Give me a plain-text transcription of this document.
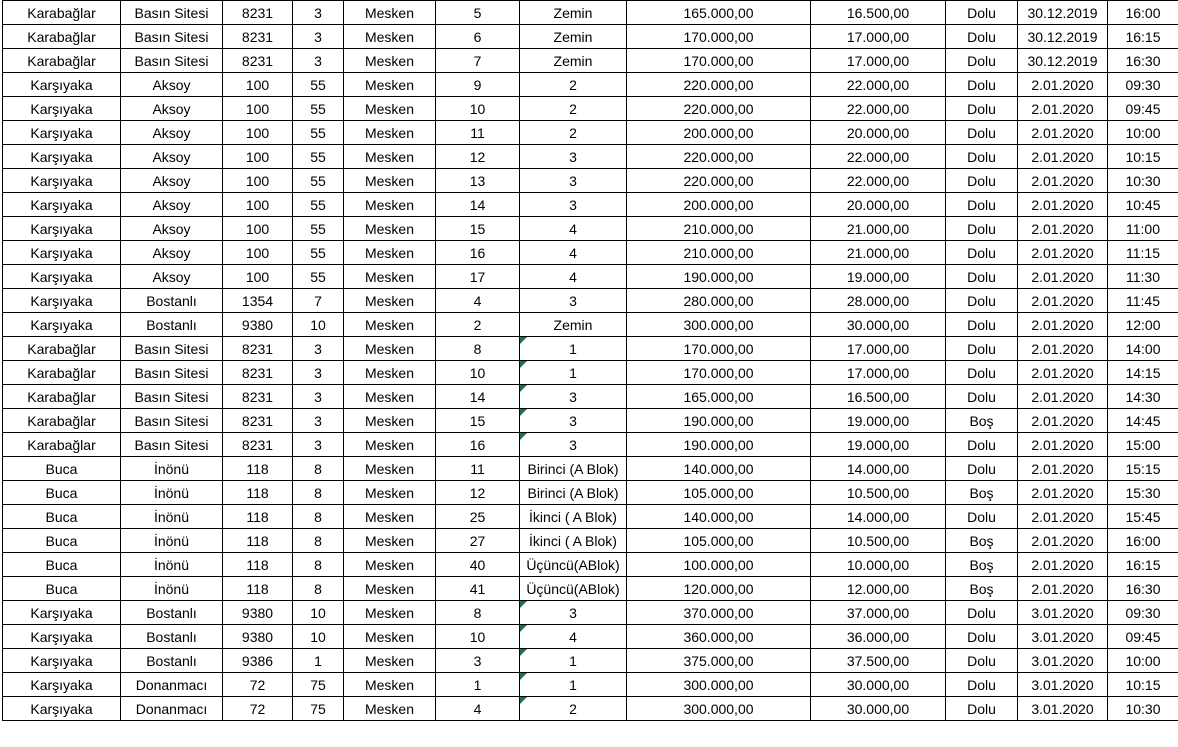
Karabağlar	Basın Sitesi	8231	3	Mesken	5	Zemin	165.000,00	16.500,00	Dolu	30.12.2019	16:00
Karabağlar	Basın Sitesi	8231	3	Mesken	6	Zemin	170.000,00	17.000,00	Dolu	30.12.2019	16:15
Karabağlar	Basın Sitesi	8231	3	Mesken	7	Zemin	170.000,00	17.000,00	Dolu	30.12.2019	16:30
Karşıyaka	Aksoy	100	55	Mesken	9	2	220.000,00	22.000,00	Dolu	2.01.2020	09:30
Karşıyaka	Aksoy	100	55	Mesken	10	2	220.000,00	22.000,00	Dolu	2.01.2020	09:45
Karşıyaka	Aksoy	100	55	Mesken	11	2	200.000,00	20.000,00	Dolu	2.01.2020	10:00
Karşıyaka	Aksoy	100	55	Mesken	12	3	220.000,00	22.000,00	Dolu	2.01.2020	10:15
Karşıyaka	Aksoy	100	55	Mesken	13	3	220.000,00	22.000,00	Dolu	2.01.2020	10:30
Karşıyaka	Aksoy	100	55	Mesken	14	3	200.000,00	20.000,00	Dolu	2.01.2020	10:45
Karşıyaka	Aksoy	100	55	Mesken	15	4	210.000,00	21.000,00	Dolu	2.01.2020	11:00
Karşıyaka	Aksoy	100	55	Mesken	16	4	210.000,00	21.000,00	Dolu	2.01.2020	11:15
Karşıyaka	Aksoy	100	55	Mesken	17	4	190.000,00	19.000,00	Dolu	2.01.2020	11:30
Karşıyaka	Bostanlı	1354	7	Mesken	4	3	280.000,00	28.000,00	Dolu	2.01.2020	11:45
Karşıyaka	Bostanlı	9380	10	Mesken	2	Zemin	300.000,00	30.000,00	Dolu	2.01.2020	12:00
Karabağlar	Basın Sitesi	8231	3	Mesken	8	1	170.000,00	17.000,00	Dolu	2.01.2020	14:00
Karabağlar	Basın Sitesi	8231	3	Mesken	10	1	170.000,00	17.000,00	Dolu	2.01.2020	14:15
Karabağlar	Basın Sitesi	8231	3	Mesken	14	3	165.000,00	16.500,00	Dolu	2.01.2020	14:30
Karabağlar	Basın Sitesi	8231	3	Mesken	15	3	190.000,00	19.000,00	Boş	2.01.2020	14:45
Karabağlar	Basın Sitesi	8231	3	Mesken	16	3	190.000,00	19.000,00	Dolu	2.01.2020	15:00
Buca	İnönü	118	8	Mesken	11	Birinci (A Blok)	140.000,00	14.000,00	Dolu	2.01.2020	15:15
Buca	İnönü	118	8	Mesken	12	Birinci (A Blok)	105.000,00	10.500,00	Boş	2.01.2020	15:30
Buca	İnönü	118	8	Mesken	25	İkinci ( A Blok)	140.000,00	14.000,00	Dolu	2.01.2020	15:45
Buca	İnönü	118	8	Mesken	27	İkinci ( A Blok)	105.000,00	10.500,00	Boş	2.01.2020	16:00
Buca	İnönü	118	8	Mesken	40	Üçüncü(ABlok)	100.000,00	10.000,00	Boş	2.01.2020	16:15
Buca	İnönü	118	8	Mesken	41	Üçüncü(ABlok)	120.000,00	12.000,00	Boş	2.01.2020	16:30
Karşıyaka	Bostanlı	9380	10	Mesken	8	3	370.000,00	37.000,00	Dolu	3.01.2020	09:30
Karşıyaka	Bostanlı	9380	10	Mesken	10	4	360.000,00	36.000,00	Dolu	3.01.2020	09:45
Karşıyaka	Bostanlı	9386	1	Mesken	3	1	375.000,00	37.500,00	Dolu	3.01.2020	10:00
Karşıyaka	Donanmacı	72	75	Mesken	1	1	300.000,00	30.000,00	Dolu	3.01.2020	10:15
Karşıyaka	Donanmacı	72	75	Mesken	4	2	300.000,00	30.000,00	Dolu	3.01.2020	10:30
